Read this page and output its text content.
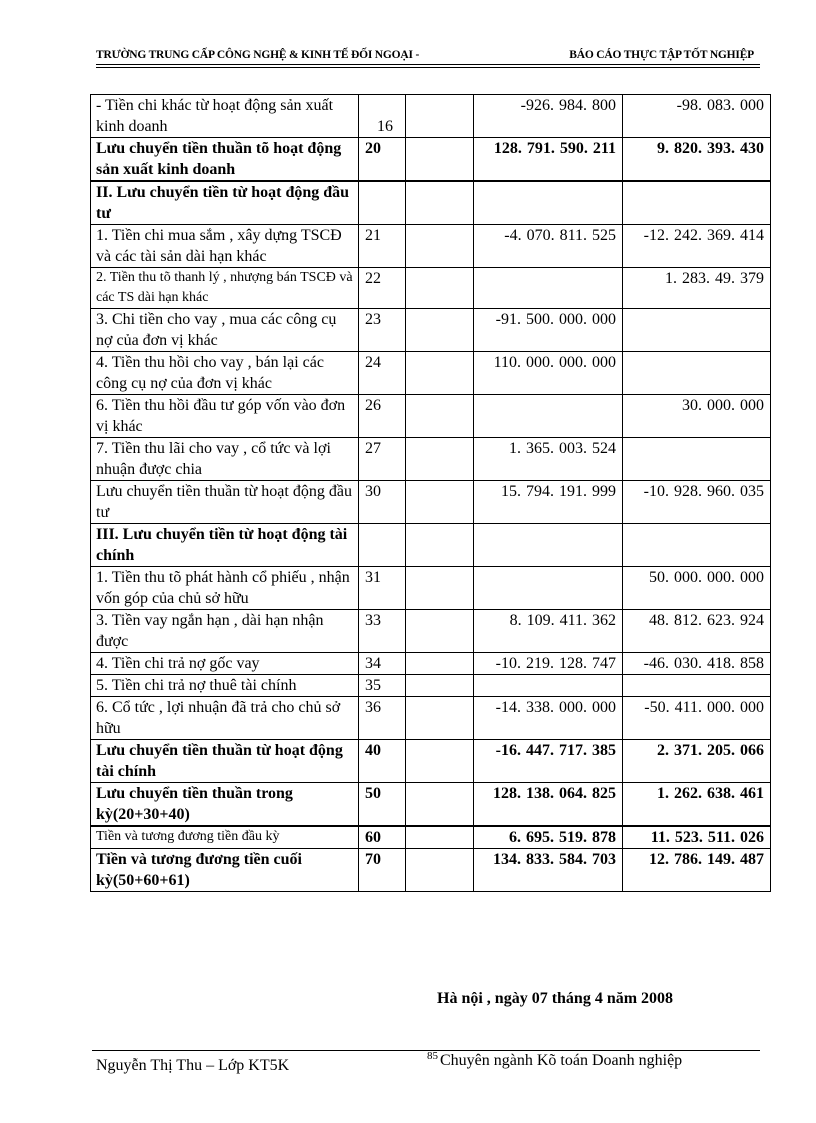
TRƯỜNG TRUNG CẤP CÔNG NGHỆ & KINH TẾ ĐỐI NGOẠI -	BÁO CÁO THỰC TẬP TỐT NGHIỆP
- Tiền chi khác từ hoạt động sản xuất kinh doanh	16		-926. 984. 800	-98. 083. 000
Lưu chuyển tiền thuần tõ hoạt động sản xuất kinh doanh	20		128. 791. 590. 211	9. 820. 393. 430
II. Lưu chuyển tiền từ hoạt động đầu tư				
1. Tiền chi mua sắm , xây dựng TSCĐ và các tài sản dài hạn khác	21		-4. 070. 811. 525	-12. 242. 369. 414
2. Tiền thu tõ thanh lý , nhượng bán TSCĐ và các TS dài hạn khác	22			1. 283. 49. 379
3. Chi tiền cho vay , mua các công cụ nợ của đơn vị khác	23		-91. 500. 000. 000	
4. Tiền thu hồi cho vay , bán lại các công cụ nợ của đơn vị khác	24		110. 000. 000. 000	
6. Tiền thu hồi đầu tư góp vốn vào đơn vị khác	26			30. 000. 000
7. Tiền thu lãi cho vay , cổ tức và lợi nhuận được chia	27		1. 365. 003. 524	
Lưu chuyển tiền thuần từ hoạt động đầu tư	30		15. 794. 191. 999	-10. 928. 960. 035
III. Lưu chuyển tiền từ hoạt động tài chính				
1. Tiền thu tõ phát hành cổ phiếu , nhận vốn góp của chủ sở hữu	31			50. 000. 000. 000
3. Tiền vay ngắn hạn , dài hạn nhận được	33		8. 109. 411. 362	48. 812. 623. 924
4. Tiền chi trả nợ gốc vay	34		-10. 219. 128. 747	-46. 030. 418. 858
5. Tiền chi trả nợ thuê tài chính	35			
6. Cổ tức , lợi nhuận đã trả cho chủ sở hữu	36		-14. 338. 000. 000	-50. 411. 000. 000
Lưu chuyển tiền thuần từ hoạt động tài chính	40		-16. 447. 717. 385	2. 371. 205. 066
Lưu chuyển tiền thuần trong kỳ(20+30+40)	50		128. 138. 064. 825	1. 262. 638. 461
Tiền và tương đương tiền đầu kỳ	60		6. 695. 519. 878	11. 523. 511. 026
Tiền và tương đương tiền cuối kỳ(50+60+61)	70		134. 833. 584. 703	12. 786. 149. 487
Hà nội , ngày 07 tháng 4 năm 2008
Nguyễn Thị Thu – Lớp KT5K
$^{85}$ Chuyên ngành Kõ toán Doanh nghiệp
